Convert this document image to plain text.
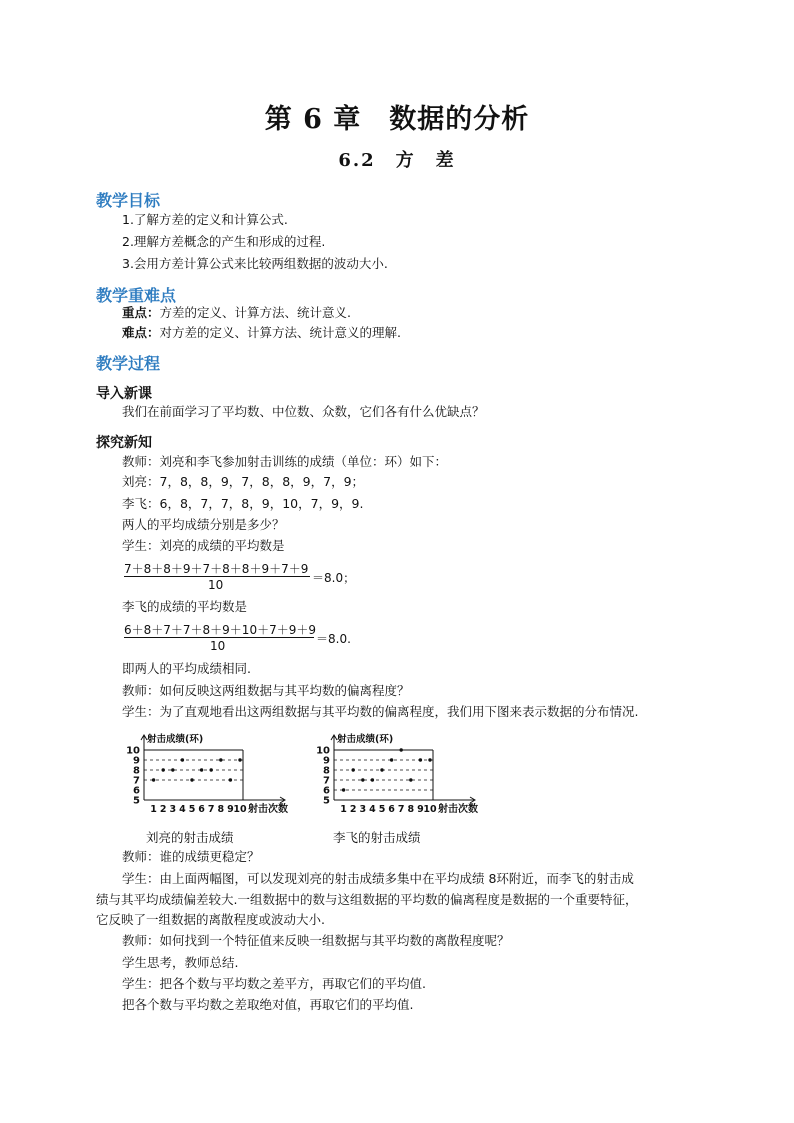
第 6 章　数据的分析
6.2　方　差
教学目标
1.了解方差的定义和计算公式.
2.理解方差概念的产生和形成的过程.
3.会用方差计算公式来比较两组数据的波动大小.
教学重难点
重点：方差的定义、计算方法、统计意义.
难点：对方差的定义、计算方法、统计意义的理解.
教学过程
导入新课
我们在前面学习了平均数、中位数、众数，它们各有什么优缺点？
探究新知
教师：刘亮和李飞参加射击训练的成绩（单位：环）如下：
刘亮：7，8，8，9，7，8，8，9，7，9；
李飞：6，8，7，7，8，9，10，7，9，9.
两人的平均成绩分别是多少？
学生：刘亮的成绩的平均数是
7＋8＋8＋9＋7＋8＋8＋9＋7＋9
10	＝8.0；
李飞的成绩的平均数是
6＋8＋7＋7＋8＋9＋10＋7＋9＋9
10	＝8.0.
即两人的平均成绩相同.
教师：如何反映这两组数据与其平均数的偏离程度？
学生：为了直观地看出这两组数据与其平均数的偏离程度，我们用下图来表示数据的分布情况.
10
9
8
7
6
5
1 2 3 4 5 6 7 8 9 10
射击成绩(环)
射击次数
10
9
8
7
6
5
1 2 3 4 5 6 7 8 9 10
射击成绩(环)
射击次数
刘亮的射击成绩	李飞的射击成绩
教师：谁的成绩更稳定？
学生：由上面两幅图，可以发现刘亮的射击成绩多集中在平均成绩 8环附近，而李飞的射击成
绩与其平均成绩偏差较大.一组数据中的数与这组数据的平均数的偏离程度是数据的一个重要特征，
它反映了一组数据的离散程度或波动大小.
教师：如何找到一个特征值来反映一组数据与其平均数的离散程度呢？
学生思考，教师总结.
学生：把各个数与平均数之差平方，再取它们的平均值.
把各个数与平均数之差取绝对值，再取它们的平均值.
